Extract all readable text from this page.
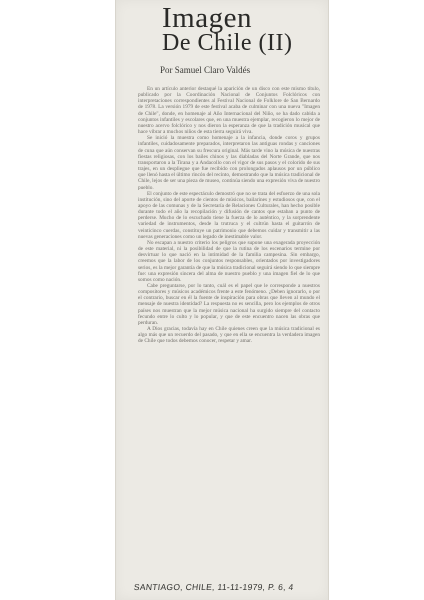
Imagen
De Chile (II)
Por Samuel Claro Valdés

En un artículo anterior destaqué la aparición de un disco con este mismo título, publicado por la Coordinación Nacional de Conjuntos Folclóricos con interpretaciones correspondientes al Festival Nacional de Folklore de San Bernardo de 1978. La versión 1979 de este festival acaba de culminar con una nueva "Imagen de Chile", donde, en homenaje al Año Internacional del Niño, se ha dado cabida a conjuntos infantiles y escolares que, en una muestra ejemplar, recogieron lo mejor de nuestro acervo folclórico y nos dieron la esperanza de que la tradición musical que hace vibrar a muchos niños de esta tierra seguirá viva.

Se inició la muestra como homenaje a la infancia, donde coros y grupos infantiles, cuidadosamente preparados, interpretaron las antiguas rondas y canciones de cuna que aún conservan su frescura original. Más tarde vino la música de nuestras fiestas religiosas, con los bailes chinos y las diabladas del Norte Grande, que nos transportaron a la Tirana y a Andacollo con el vigor de sus pasos y el colorido de sus trajes, en un despliegue que fue recibido con prolongados aplausos por un público que llenó hasta el último rincón del recinto, demostrando que la música tradicional de Chile, lejos de ser una pieza de museo, continúa siendo una expresión viva de nuestro pueblo.

El conjunto de este espectáculo demostró que no se trata del esfuerzo de una sola institución, sino del aporte de cientos de músicos, bailarines y estudiosos que, con el apoyo de las comunas y de la Secretaría de Relaciones Culturales, han hecho posible durante todo el año la recopilación y difusión de cantos que estaban a punto de perderse. Mucho de lo escuchado tiene la fuerza de lo auténtico, y la sorprendente variedad de instrumentos, desde la trutruca y el cultrún hasta el guitarrón de veinticinco cuerdas, constituye un patrimonio que debemos cuidar y transmitir a las nuevas generaciones como un legado de inestimable valor.

No escapan a nuestro criterio los peligros que supone una exagerada proyección de este material, ni la posibilidad de que la rutina de los escenarios termine por desvirtuar lo que nació en la intimidad de la familia campesina. Sin embargo, creemos que la labor de los conjuntos responsables, orientados por investigadores serios, es la mejor garantía de que la música tradicional seguirá siendo lo que siempre fue: una expresión sincera del alma de nuestro pueblo y una imagen fiel de lo que somos como nación.

Cabe preguntarse, por lo tanto, cuál es el papel que le corresponde a nuestros compositores y músicos académicos frente a este fenómeno. ¿Deben ignorarlo, o por el contrario, buscar en él la fuente de inspiración para obras que lleven al mundo el mensaje de nuestra identidad? La respuesta no es sencilla, pero los ejemplos de otros países nos muestran que la mejor música nacional ha surgido siempre del contacto fecundo entre lo culto y lo popular, y que de este encuentro nacen las obras que perduran.

A Dios gracias, todavía hay en Chile quienes creen que la música tradicional es algo más que un recuerdo del pasado, y que en ella se encuentra la verdadera imagen de Chile que todos debemos conocer, respetar y amar.

SANTIAGO, CHILE, 11-11-1979, P. 6, 4
